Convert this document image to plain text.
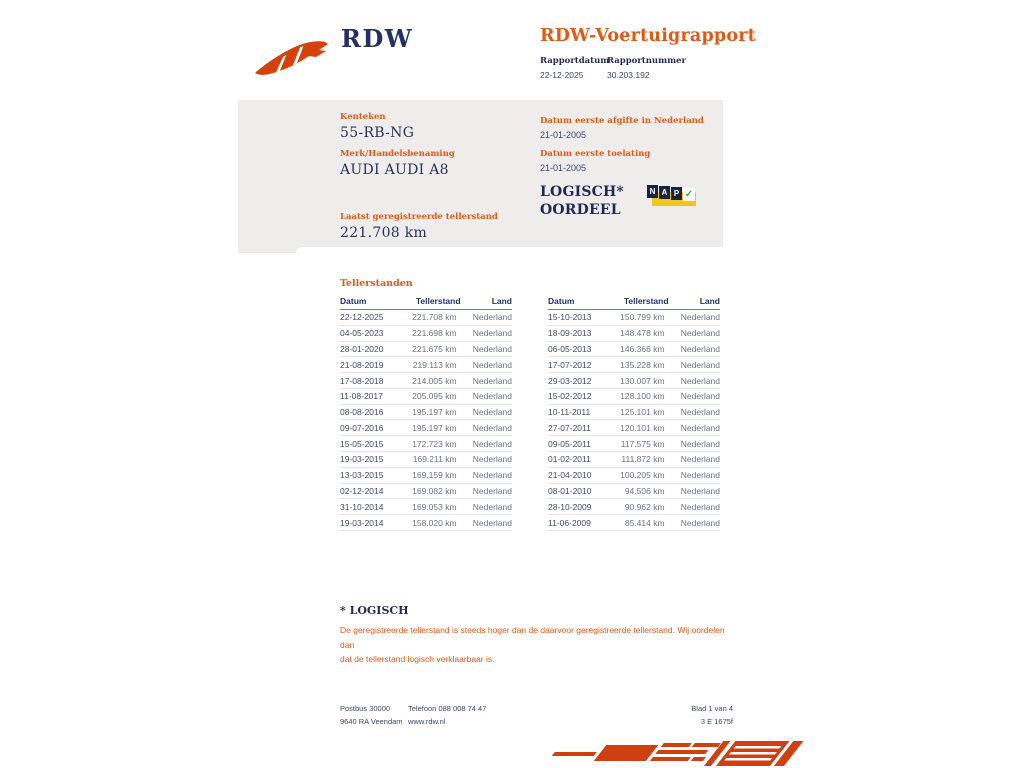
RDW	RDW-Voertuigrapport
Rapportdatum
22-12-2025
Rapportnummer
30.203.192
Kenteken
55-RB-NG
Merk/Handelsbenaming
AUDI AUDI A8
Laatst geregistreerde tellerstand
221.708 km
Datum eerste afgifte in Nederland
21-01-2005
Datum eerste toelating
21-01-2005
LOGISCH*
OORDEEL
N A P ✓
Tellerstanden
Datum	Tellerstand	Land
22-12-2025	221.708 km	Nederland
04-05-2023	221.698 km	Nederland
28-01-2020	221.675 km	Nederland
21-08-2019	219.113 km	Nederland
17-08-2018	214.005 km	Nederland
11-08-2017	205.095 km	Nederland
08-08-2016	195.197 km	Nederland
09-07-2016	195.197 km	Nederland
15-05-2015	172.723 km	Nederland
19-03-2015	169.211 km	Nederland
13-03-2015	169.159 km	Nederland
02-12-2014	169.082 km	Nederland
31-10-2014	169.053 km	Nederland
19-03-2014	158.020 km	Nederland
Datum	Tellerstand	Land
15-10-2013	150.799 km	Nederland
18-09-2013	148.478 km	Nederland
06-05-2013	146.366 km	Nederland
17-07-2012	135.228 km	Nederland
29-03-2012	130.007 km	Nederland
15-02-2012	128.100 km	Nederland
10-11-2011	125.101 km	Nederland
27-07-2011	120.101 km	Nederland
09-05-2011	117.575 km	Nederland
01-02-2011	111.872 km	Nederland
21-04-2010	100.205 km	Nederland
08-01-2010	94.506 km	Nederland
28-10-2009	90.962 km	Nederland
11-06-2009	85.414 km	Nederland
* LOGISCH
De geregistreerde tellerstand is steeds hoger dan de daarvoor geregistreerde tellerstand. Wij oordelen dan
dat de tellerstand logisch verklaarbaar is.
Postbus 30000
9640 RA Veendam
Telefoon 088 008 74 47
www.rdw.nl
Blad 1 van 4
3 E 1675f
